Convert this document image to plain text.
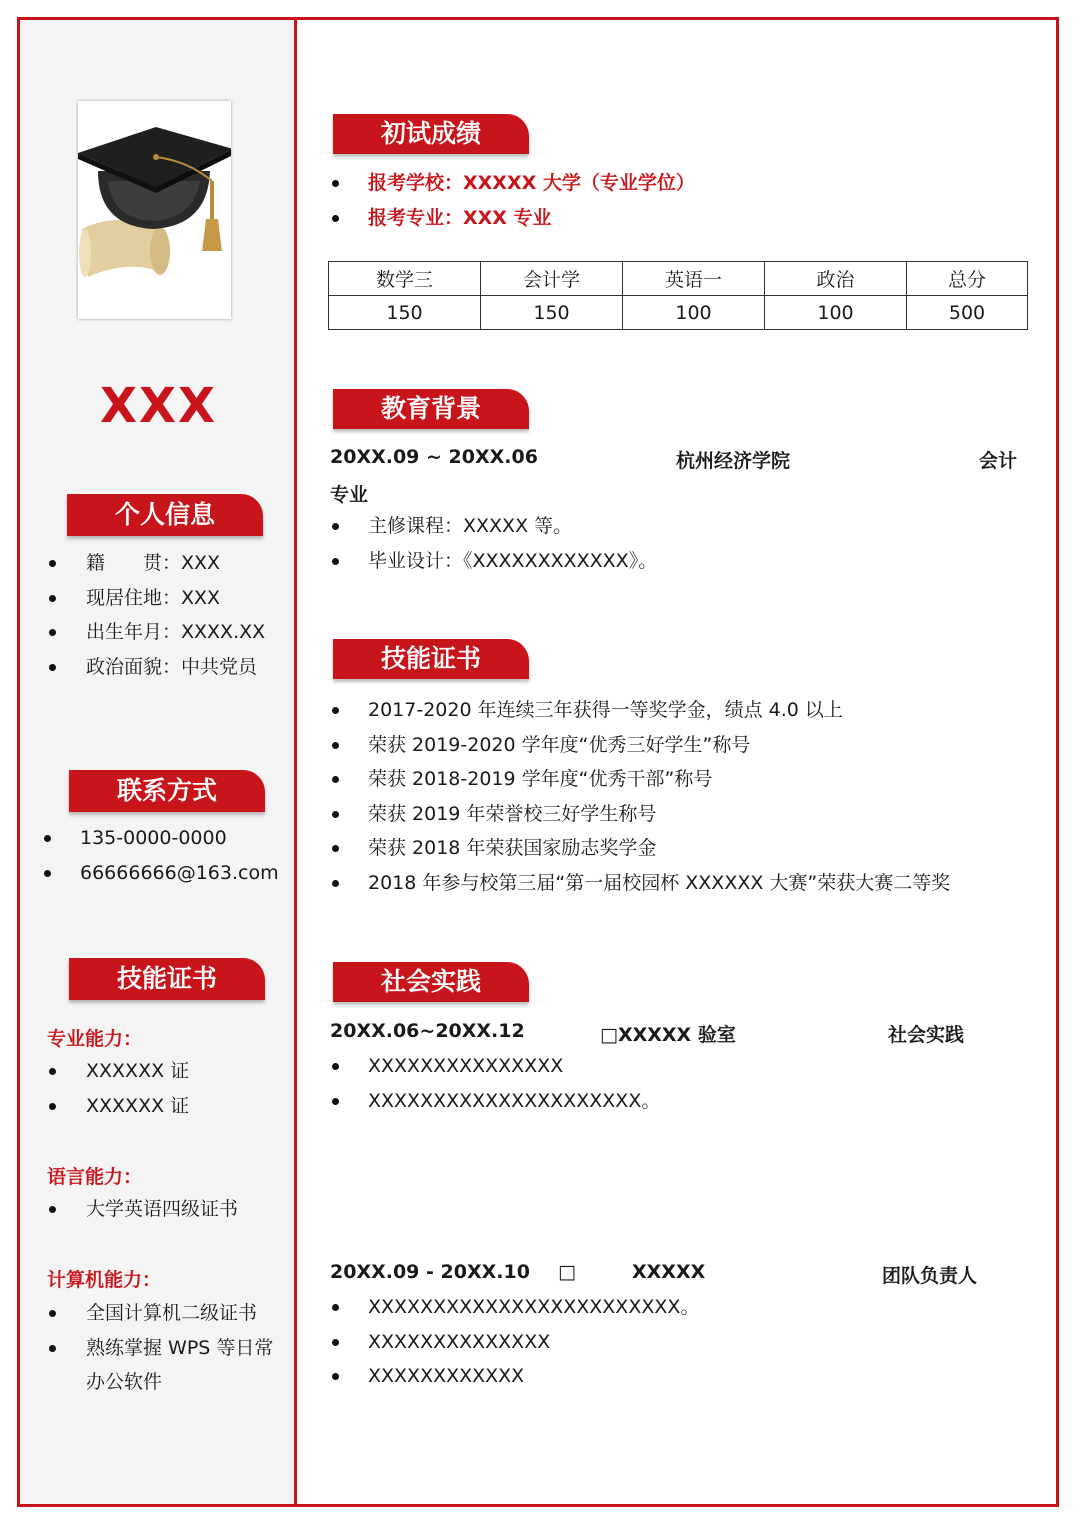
XXX
个人信息
籍　　贯：XXX
现居住地：XXX
出生年月：XXXX.XX
政治面貌：中共党员
联系方式
135-0000-0000
66666666@163.com
技能证书
专业能力：
XXXXXX 证
XXXXXX 证
语言能力：
大学英语四级证书
计算机能力：
全国计算机二级证书
熟练掌握 WPS 等日常
办公软件
初试成绩
报考学校：XXXXX 大学（专业学位）
报考专业：XXX 专业
数学三	会计学	英语一	政治	总分
150	150	100	100	500
教育背景
20XX.09 ~ 20XX.06	杭州经济学院	会计
专业
主修课程：XXXXX 等。
毕业设计：《XXXXXXXXXXXX》。
技能证书
2017-2020 年连续三年获得一等奖学金，绩点 4.0 以上
荣获 2019-2020 学年度“优秀三好学生”称号
荣获 2018-2019 学年度“优秀干部”称号
荣获 2019 年荣誉校三好学生称号
荣获 2018 年荣获国家励志奖学金
2018 年参与校第三届“第一届校园杯 XXXXXX 大赛”荣获大赛二等奖
社会实践
20XX.06~20XX.12	□XXXXX 验室	社会实践
XXXXXXXXXXXXXXX
XXXXXXXXXXXXXXXXXXXXX。
20XX.09 - 20XX.10 □	XXXXX	团队负责人
XXXXXXXXXXXXXXXXXXXXXXXX。
XXXXXXXXXXXXXX
XXXXXXXXXXXX
